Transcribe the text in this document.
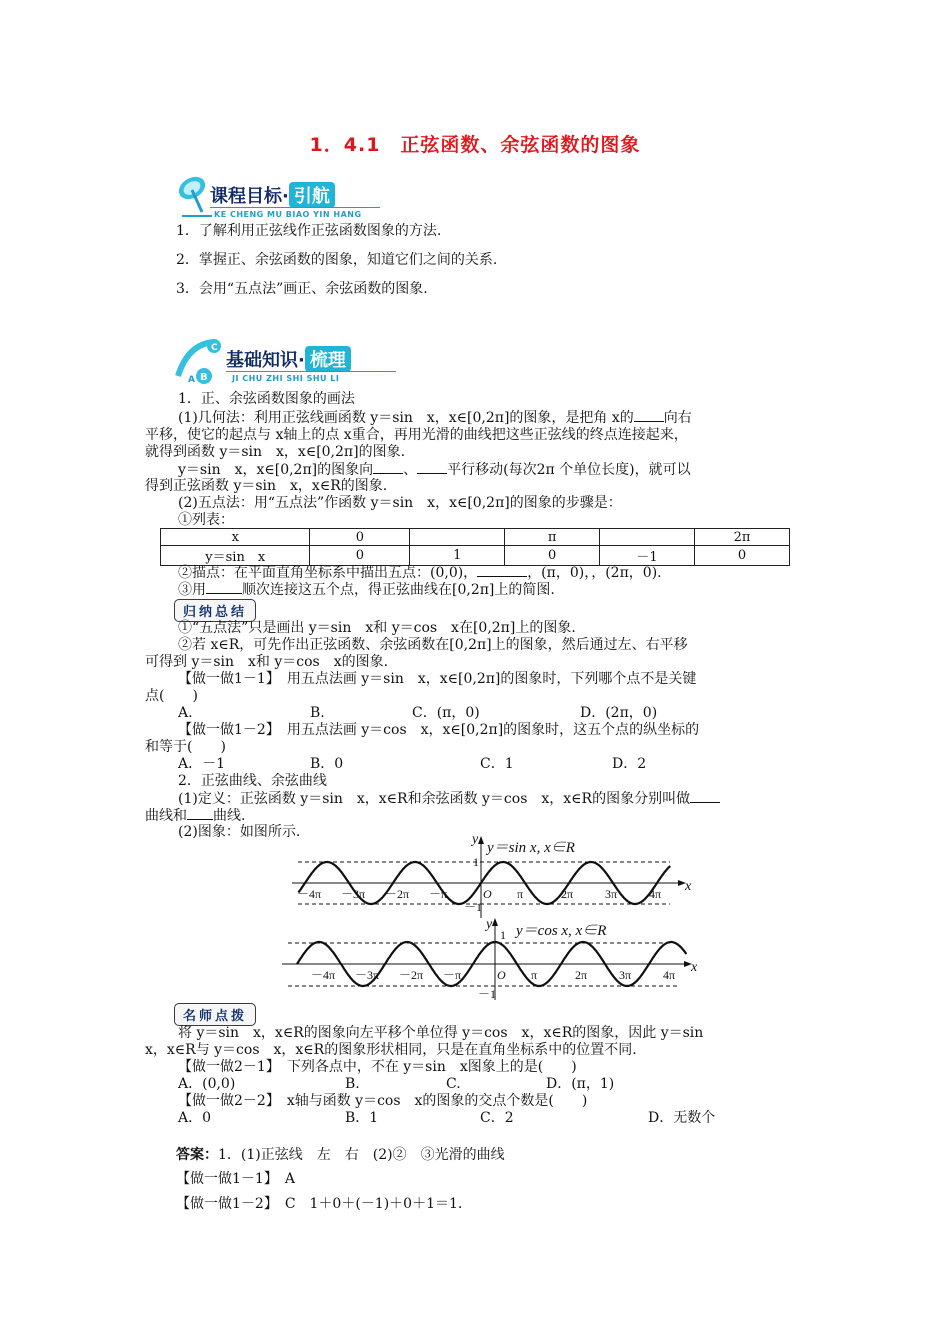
1．4.1　正弦函数、余弦函数的图象
课程目标· 引航
KE CHENG MU BIAO YIN HANG
1．了解利用正弦线作正弦函数图象的方法.
2．掌握正、余弦函数的图象，知道它们之间的关系.
3．会用“五点法”画正、余弦函数的图象.
C
B
A
基础知识· 梳理
JI CHU ZHI SHI SHU LI
1．正、余弦函数图象的画法
(1)几何法：利用正弦线画函数 y＝sin　x，x∈[0,2π]的图象，是把角 x的 向右
平移，使它的起点与 x轴上的点 x重合，再用光滑的曲线把这些正弦线的终点连接起来，
就得到函数 y＝sin　x，x∈[0,2π]的图象.
y＝sin　x，x∈[0,2π]的图象向 、 平行移动(每次2π 个单位长度)，就可以
得到正弦函数 y＝sin　x，x∈R的图象.
(2)五点法：用“五点法”作函数 y＝sin　x，x∈[0,2π]的图象的步骤是：
①列表：
x	0		π		2π
y＝sin　x	0	1	0	－1	0
②描点：在平面直角坐标系中描出五点：(0,0)，	，(π，0)，，(2π，0).
③用	顺次连接这五个点，得正弦曲线在[0,2π]上的简图.
归纳总结
①“五点法”只是画出 y＝sin　x和 y＝cos　x在[0,2π]上的图象.
②若 x∈R，可先作出正弦函数、余弦函数在[0,2π]上的图象，然后通过左、右平移
可得到 y＝sin　x和 y＝cos　x的图象.
【做一做1－1】　用五点法画 y＝sin　x，x∈[0,2π]的图象时，下列哪个点不是关键
点(　　)
A.	B.	C．(π，0)	D．(2π，0)
【做一做1－2】　用五点法画 y＝cos　x，x∈[0,2π]的图象时，这五个点的纵坐标的
和等于(　　)
A．－1	B．0	C．1	D．2
2．正弦曲线、余弦曲线
(1)定义：正弦函数 y＝sin　x，x∈R和余弦函数 y＝cos　x，x∈R的图象分别叫做
曲线和 曲线.
(2)图象：如图所示.
y＝sin x, x∈R
y
1
－1
x
－4π －3π －2π －π	O π	2π	3π	4π
y＝cos x, x∈R
y
1
－1
x
－4π －3π －2π －π	O π	2π	3π	4π
名师点拨
将 y＝sin　x，x∈R的图象向左平移个单位得 y＝cos　x，x∈R的图象，因此 y＝sin
x，x∈R与 y＝cos　x，x∈R的图象形状相同，只是在直角坐标系中的位置不同.
【做一做2－1】　下列各点中，不在 y＝sin　x图象上的是(　　)
A．(0,0)	B.	C.	D．(π，1)
【做一做2－2】　x轴与函数 y＝cos　x的图象的交点个数是(　　)
A．0	B．1	C．2	D．无数个
答案：1．(1)正弦线　左　右　(2)②　③光滑的曲线
【做一做1－1】　A
【做一做1－2】　C　1＋0＋(－1)＋0＋1＝1.
